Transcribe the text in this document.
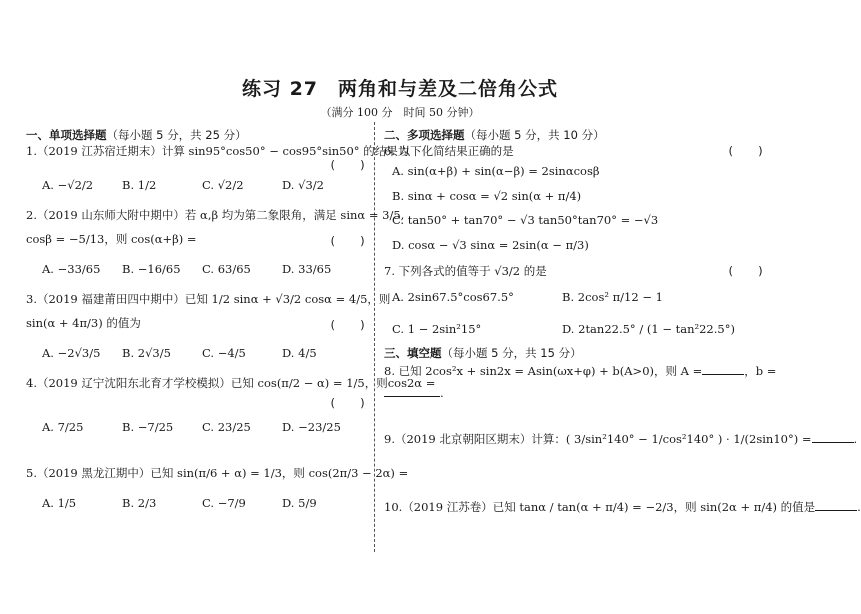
练习 27　两角和与差及二倍角公式
（满分 100 分　时间 50 分钟）
一、单项选择题（每小题 5 分，共 25 分）
1.（2019 江苏宿迁期末）计算 sin95°cos50° − cos95°sin50° 的结果为
(　　)
A. −√2/2	B. 1/2	C. √2/2	D. √3/2
2.（2019 山东师大附中期中）若 α,β 均为第二象限角，满足 sinα = 3/5,
cosβ = −5/13，则 cos(α+β) =	(　　)
A. −33/65 B. −16/65 C. 63/65	D. 33/65
3.（2019 福建莆田四中期中）已知 1/2 sinα + √3/2 cosα = 4/5，则
sin(α + 4π/3) 的值为	(　　)
A. −2√3/5 B. 2√3/5	C. −4/5	D. 4/5
4.（2019 辽宁沈阳东北育才学校模拟）已知 cos(π/2 − α) = 1/5，则cos2α =
(　　)
A. 7/25	B. −7/25	C. 23/25	D. −23/25
5.（2019 黑龙江期中）已知 sin(π/6 + α) = 1/3，则 cos(2π/3 − 2α) =
A. 1/5	B. 2/3	C. −7/9	D. 5/9
二、多项选择题（每小题 5 分，共 10 分）
6. 以下化简结果正确的是	(　　)
A. sin(α+β) + sin(α−β) = 2sinαcosβ
B. sinα + cosα = √2 sin(α + π/4)
C. tan50° + tan70° − √3 tan50°tan70° = −√3
D. cosα − √3 sinα = 2sin(α − π/3)
7. 下列各式的值等于 √3/2 的是	(　　)
A. 2sin67.5°cos67.5°	B. 2cos² π/12 − 1
C. 1 − 2sin²15°	D. 2tan22.5° / (1 − tan²22.5°)
三、填空题（每小题 5 分，共 15 分）
8. 已知 2cos²x + sin2x = Asin(ωx+φ) + b(A>0)，则 A =	，b =
.
9.（2019 北京朝阳区期末）计算：( 3/sin²140° − 1/cos²140° ) · 1/(2sin10°) =	.
10.（2019 江苏卷）已知 tanα / tan(α + π/4) = −2/3，则 sin(2α + π/4) 的值是	.
